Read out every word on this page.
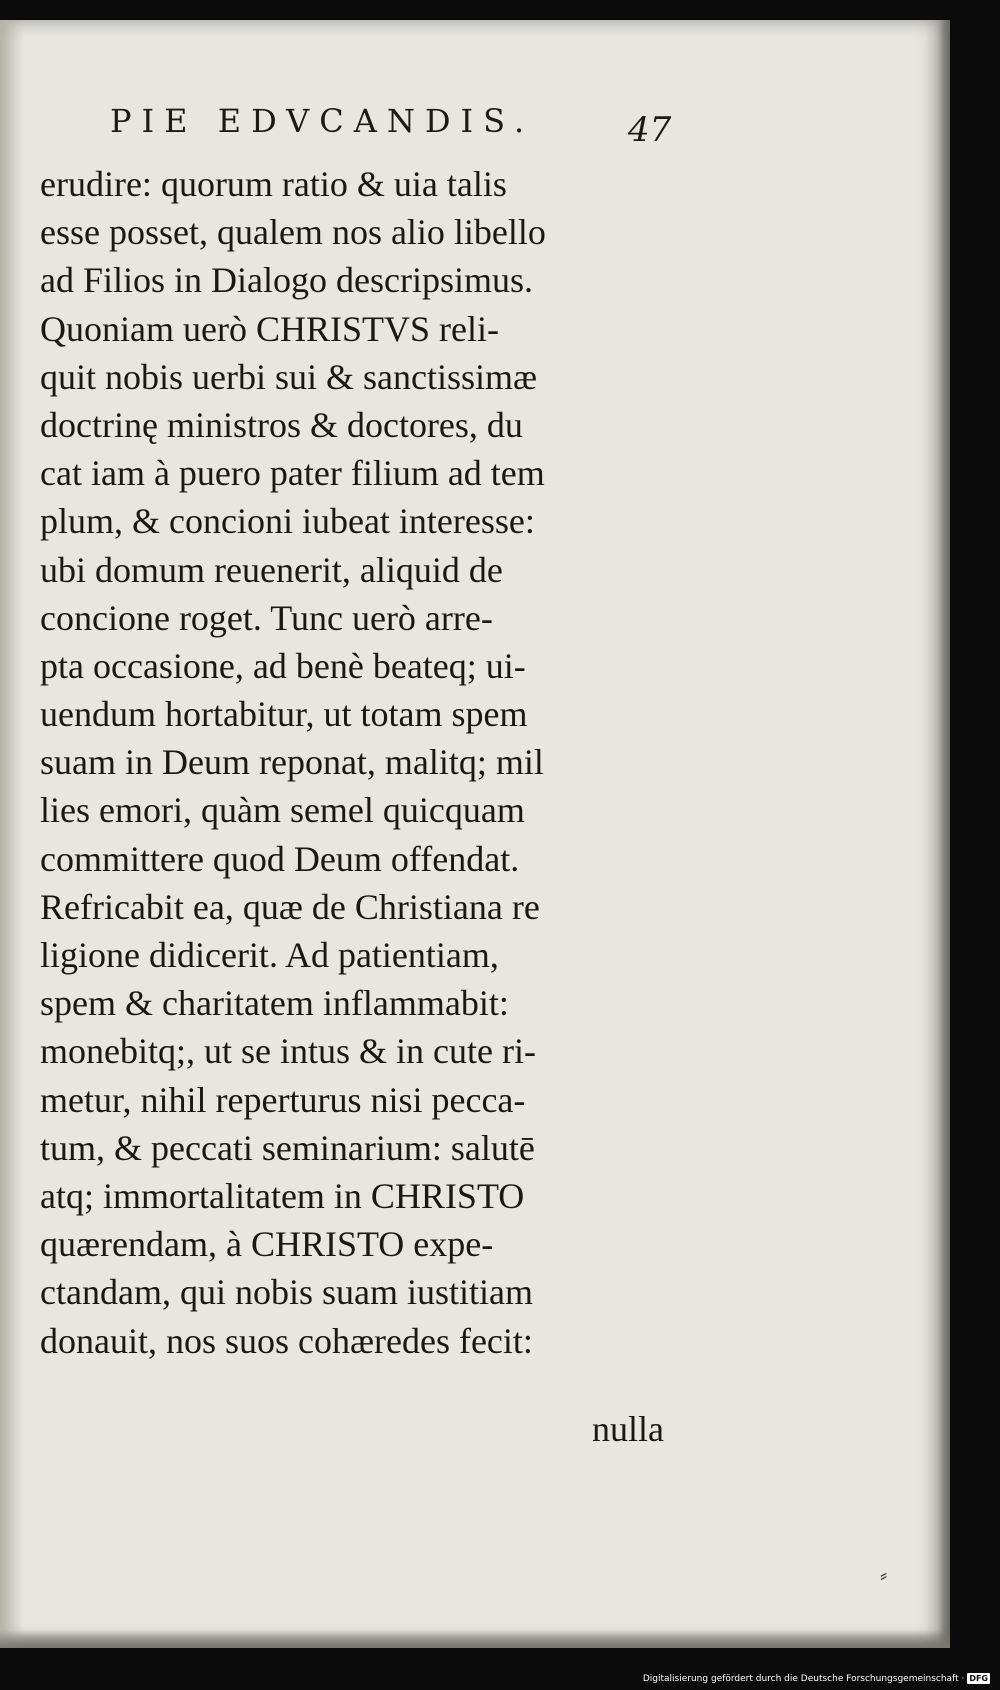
PIE EDVCANDIS.	47
erudire: quorum ratio & uia talis
esse posset, qualem nos alio libello
ad Filios in Dialogo descripsimus.
Quoniam uerò CHRISTVS reli-
quit nobis uerbi sui & sanctissimæ
doctrinę ministros & doctores, du
cat iam à puero pater filium ad tem
plum, & concioni iubeat interesse:
ubi domum reuenerit, aliquid de
concione roget. Tunc uerò arre-
pta occasione, ad benè beateq; ui-
uendum hortabitur, ut totam spem
suam in Deum reponat, malitq; mil
lies emori, quàm semel quicquam
committere quod Deum offendat.
Refricabit ea, quæ de Christiana re
ligione didicerit. Ad patientiam,
spem & charitatem inflammabit:
monebitq;, ut se intus & in cute ri-
metur, nihil reperturus nisi pecca-
tum, & peccati seminarium: salutē
atq; immortalitatem in CHRISTO
quærendam, à CHRISTO expe-
ctandam, qui nobis suam iustitiam
donauit, nos suos cohæredes fecit:
nulla
⸗
Digitalisierung gefördert durch die Deutsche Forschungsgemeinschaft · DFG
